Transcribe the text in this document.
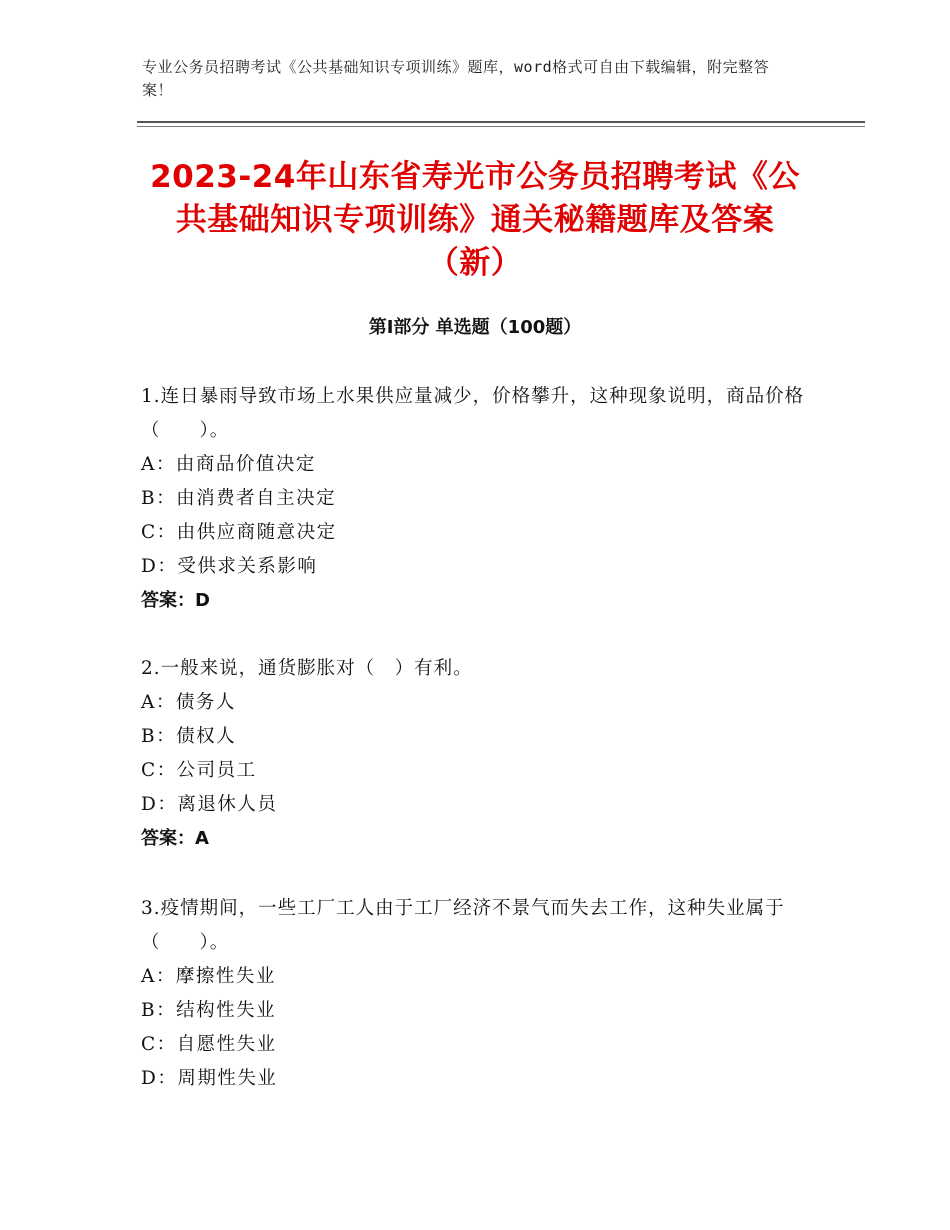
专业公务员招聘考试《公共基础知识专项训练》题库，word格式可自由下载编辑，附完整答案！
2023-24年山东省寿光市公务员招聘考试《公共基础知识专项训练》通关秘籍题库及答案（新）
第I部分 单选题（100题）

1.连日暴雨导致市场上水果供应量减少，价格攀升，这种现象说明，商品价格（　　）。

A：由商品价值决定

B：由消费者自主决定

C：由供应商随意决定

D：受供求关系影响

答案：D

2.一般来说，通货膨胀对（　）有利。

A：债务人

B：债权人

C：公司员工

D：离退休人员

答案：A

3.疫情期间，一些工厂工人由于工厂经济不景气而失去工作，这种失业属于（　　）。

A：摩擦性失业

B：结构性失业

C：自愿性失业

D：周期性失业
